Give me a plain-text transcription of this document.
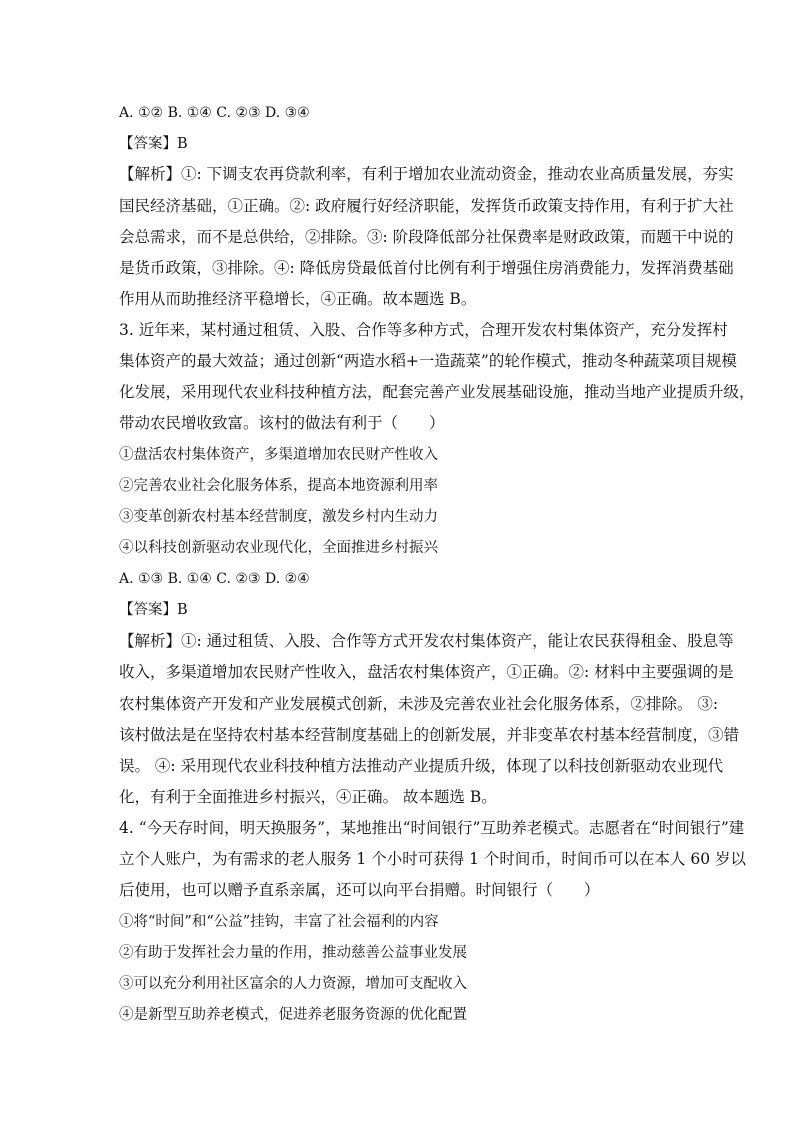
A. ①② B. ①④ C. ②③ D. ③④
【答案】B
【解析】①: 下调支农再贷款利率，有利于增加农业流动资金，推动农业高质量发展，夯实
国民经济基础，①正确。②: 政府履行好经济职能，发挥货币政策支持作用，有利于扩大社
会总需求，而不是总供给，②排除。③: 阶段降低部分社保费率是财政政策，而题干中说的
是货币政策，③排除。④: 降低房贷最低首付比例有利于增强住房消费能力，发挥消费基础
作用从而助推经济平稳增长，④正确。故本题选 B。
3. 近年来，某村通过租赁、入股、合作等多种方式，合理开发农村集体资产，充分发挥村
集体资产的最大效益；通过创新“两造水稻+一造蔬菜”的轮作模式，推动冬种蔬菜项目规模
化发展，采用现代农业科技种植方法，配套完善产业发展基础设施，推动当地产业提质升级，
带动农民增收致富。该村的做法有利于（　　）
①盘活农村集体资产，多渠道增加农民财产性收入
②完善农业社会化服务体系，提高本地资源利用率
③变革创新农村基本经营制度，激发乡村内生动力
④以科技创新驱动农业现代化，全面推进乡村振兴
A. ①③ B. ①④ C. ②③ D. ②④
【答案】B
【解析】①: 通过租赁、入股、合作等方式开发农村集体资产，能让农民获得租金、股息等
收入，多渠道增加农民财产性收入，盘活农村集体资产，①正确。②: 材料中主要强调的是
农村集体资产开发和产业发展模式创新，未涉及完善农业社会化服务体系，②排除。 ③:
该村做法是在坚持农村基本经营制度基础上的创新发展，并非变革农村基本经营制度，③错
误。 ④: 采用现代农业科技种植方法推动产业提质升级，体现了以科技创新驱动农业现代
化，有利于全面推进乡村振兴，④正确。 故本题选 B。
4. “今天存时间，明天换服务”，某地推出“时间银行”互助养老模式。志愿者在“时间银行”建
立个人账户，为有需求的老人服务 1 个小时可获得 1 个时间币，时间币可以在本人 60 岁以
后使用，也可以赠予直系亲属，还可以向平台捐赠。时间银行（　　）
①将“时间”和“公益”挂钩，丰富了社会福利的内容
②有助于发挥社会力量的作用，推动慈善公益事业发展
③可以充分利用社区富余的人力资源，增加可支配收入
④是新型互助养老模式，促进养老服务资源的优化配置
